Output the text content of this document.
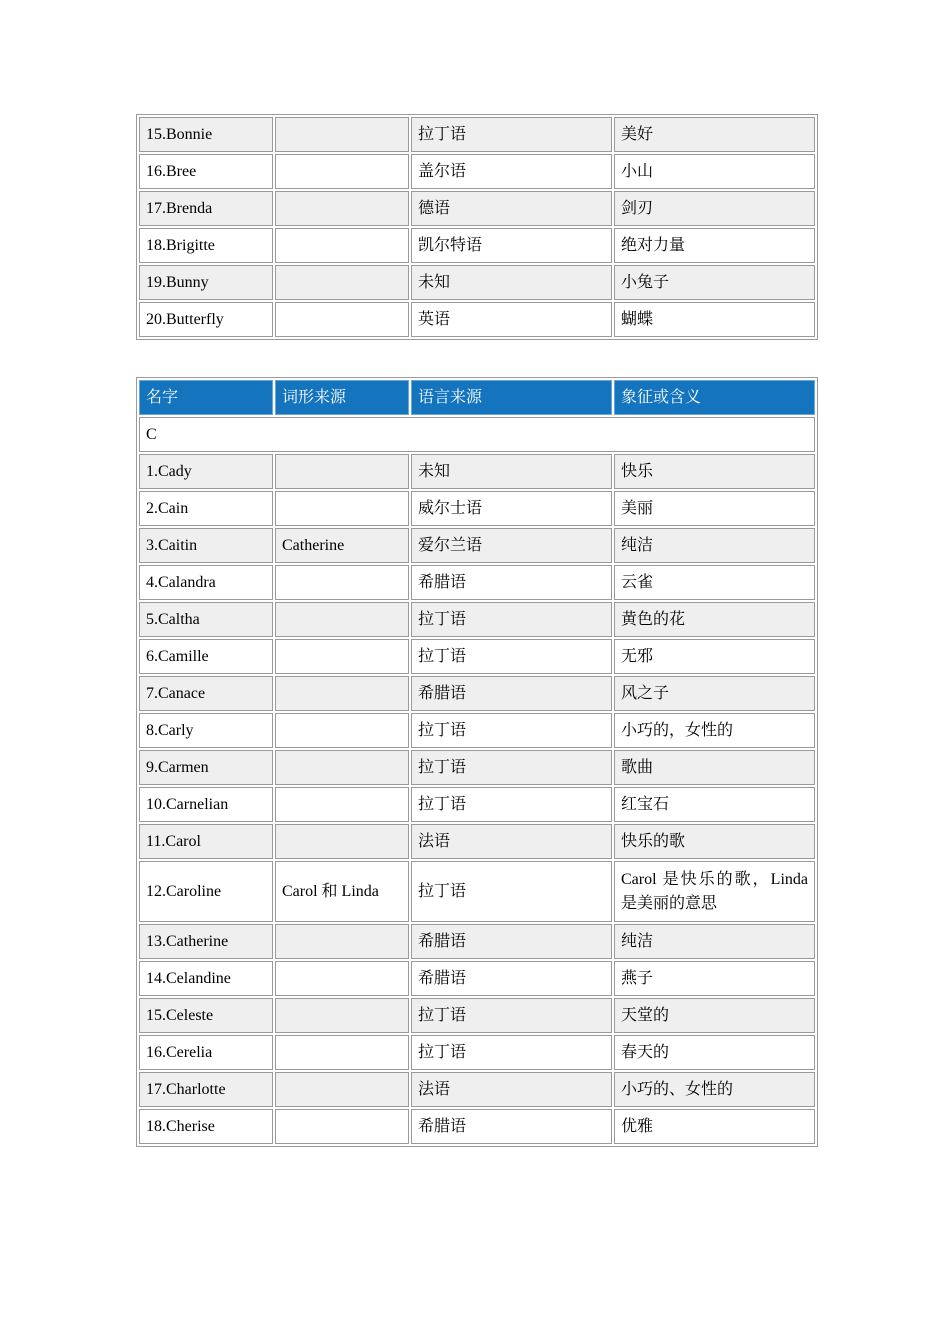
15.Bonnie		拉丁语	美好
16.Bree		盖尔语	小山
17.Brenda		德语	剑刃
18.Brigitte		凯尔特语	绝对力量
19.Bunny		未知	小兔子
20.Butterfly		英语	蝴蝶
名字	词形来源	语言来源	象征或含义
C			
1.Cady		未知	快乐
2.Cain		威尔士语	美丽
3.Caitin	Catherine	爱尔兰语	纯洁
4.Calandra		希腊语	云雀
5.Caltha		拉丁语	黄色的花
6.Camille		拉丁语	无邪
7.Canace		希腊语	风之子
8.Carly		拉丁语	小巧的，女性的
9.Carmen		拉丁语	歌曲
10.Carnelian		拉丁语	红宝石
11.Carol		法语	快乐的歌
12.Caroline	Carol 和 Linda	拉丁语	Carol 是快乐的歌，Linda 是美丽的意思
13.Catherine		希腊语	纯洁
14.Celandine		希腊语	燕子
15.Celeste		拉丁语	天堂的
16.Cerelia		拉丁语	春天的
17.Charlotte		法语	小巧的、女性的
18.Cherise		希腊语	优雅
